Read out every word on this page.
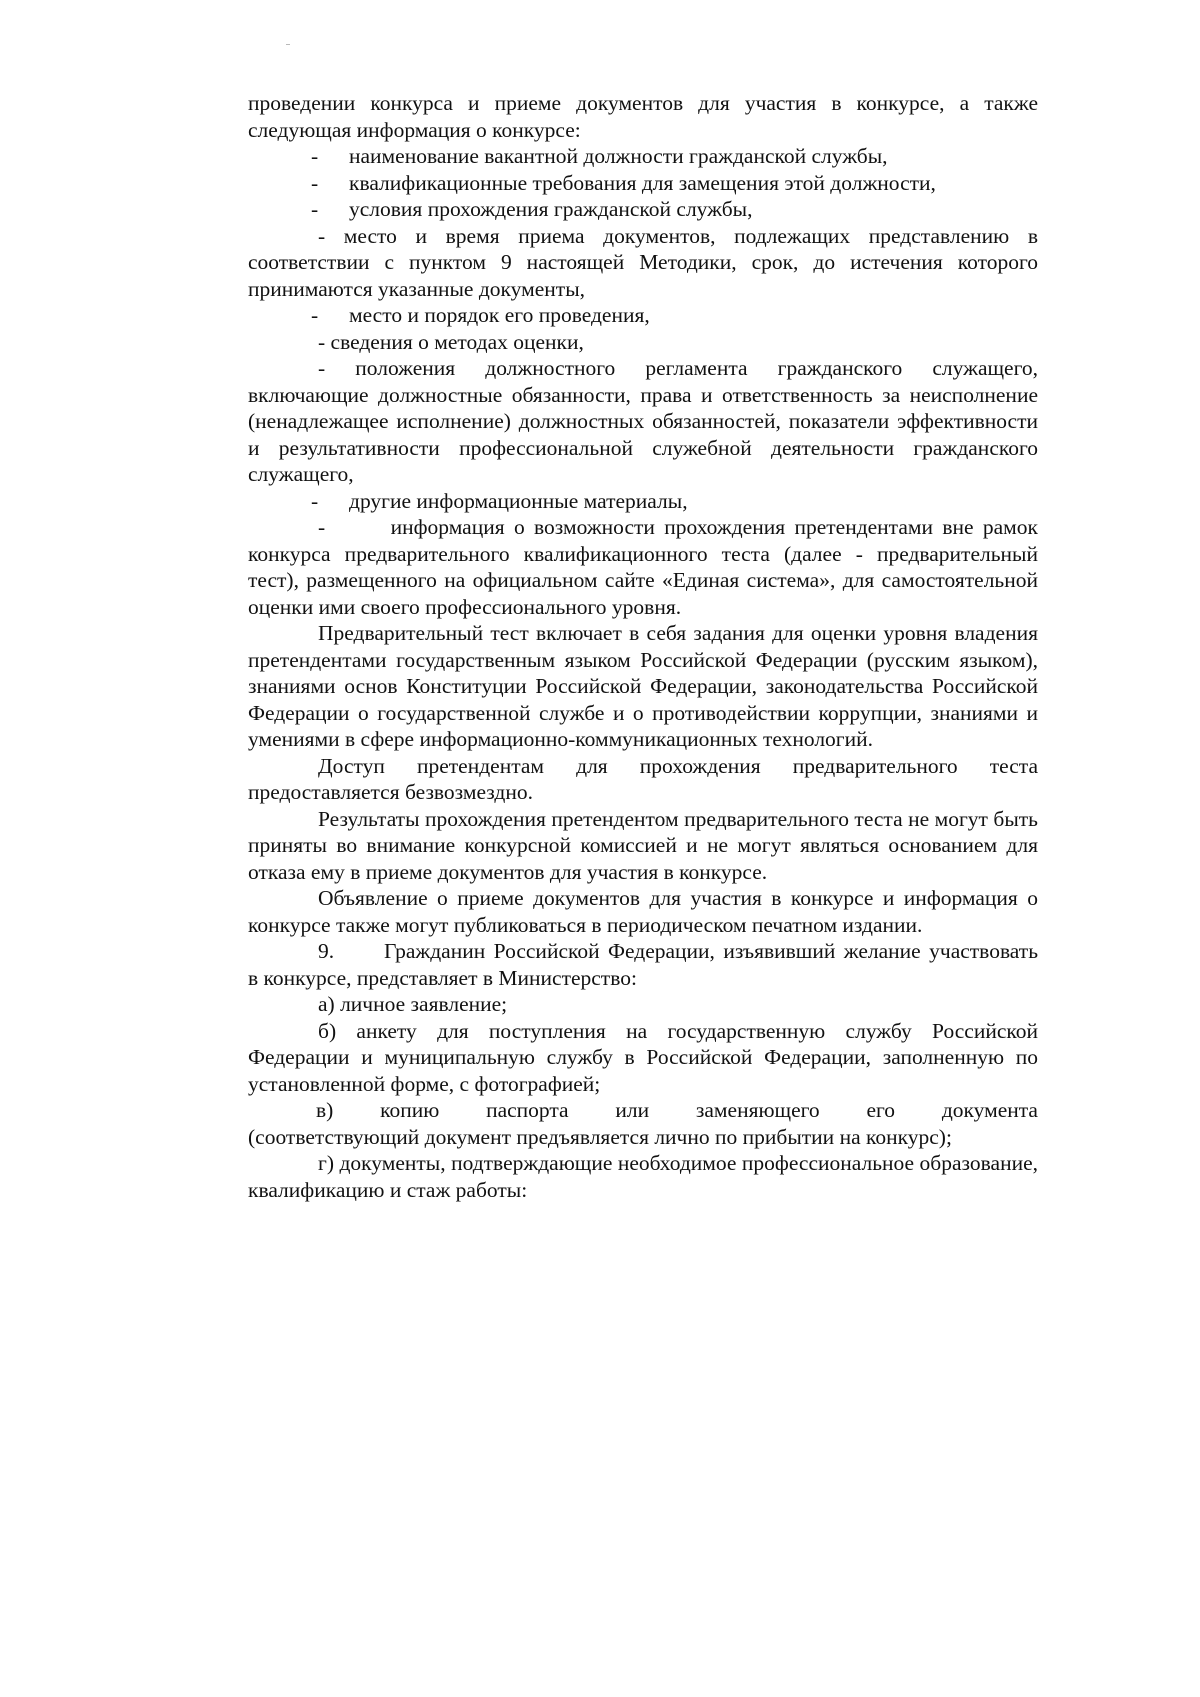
проведении конкурса и приеме документов для участия в конкурсе, а также следующая информация о конкурсе:

-	наименование вакантной должности гражданской службы,

-	квалификационные требования для замещения этой должности,

-	условия прохождения гражданской службы,

- место и время приема документов, подлежащих представлению в соответствии с пунктом 9 настоящей Методики, срок, до истечения которого принимаются указанные документы,

-	место и порядок его проведения,

- сведения о методах оценки,

- положения должностного регламента гражданского служащего, включающие должностные обязанности, права и ответственность за неисполнение (ненадлежащее исполнение) должностных обязанностей, показатели эффективности и результативности профессиональной служебной деятельности гражданского служащего,

-	другие информационные материалы,

-       информация о возможности прохождения претендентами вне рамок конкурса предварительного квалификационного теста (далее - предварительный тест), размещенного на официальном сайте «Единая система», для самостоятельной оценки ими своего профессионального уровня.

Предварительный тест включает в себя задания для оценки уровня владения претендентами государственным языком Российской Федерации (русским языком), знаниями основ Конституции Российской Федерации, законодательства Российской Федерации о государственной службе и о противодействии коррупции, знаниями и умениями в сфере информационно-коммуникационных технологий.

Доступ претендентам для прохождения предварительного теста предоставляется безвозмездно.

Результаты прохождения претендентом предварительного теста не могут быть приняты во внимание конкурсной комиссией и не могут являться основанием для отказа ему в приеме документов для участия в конкурсе.

Объявление о приеме документов для участия в конкурсе и информация о конкурсе также могут публиковаться в периодическом печатном издании.

9. Гражданин Российской Федерации, изъявивший желание участвовать в конкурсе, представляет в Министерство:

а) личное заявление;

б) анкету для поступления на государственную службу Российской Федерации и муниципальную службу в Российской Федерации, заполненную по установленной форме, с фотографией;

в) копию паспорта или заменяющего его документа

(соответствующий документ предъявляется лично по прибытии на конкурс);

г) документы, подтверждающие необходимое профессиональное образование, квалификацию и стаж работы:
